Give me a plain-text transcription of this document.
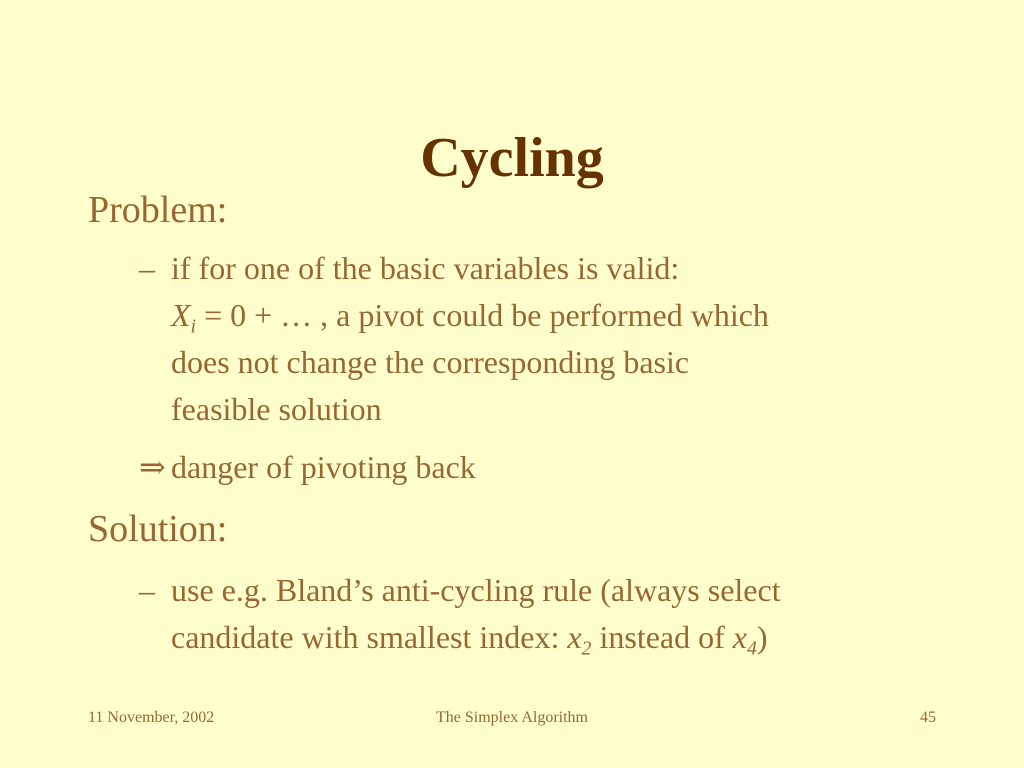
Cycling

Problem:

– if for one of the basic variables is valid:
$X_i = 0$ + … , a pivot could be performed which
does not change the corresponding basic
feasible solution
⇒ danger of pivoting back

Solution:

– use e.g. Bland’s anti-cycling rule (always select
candidate with smallest index: $x_2$ instead of $x_4$)
11 November, 2002	The Simplex Algorithm	45
